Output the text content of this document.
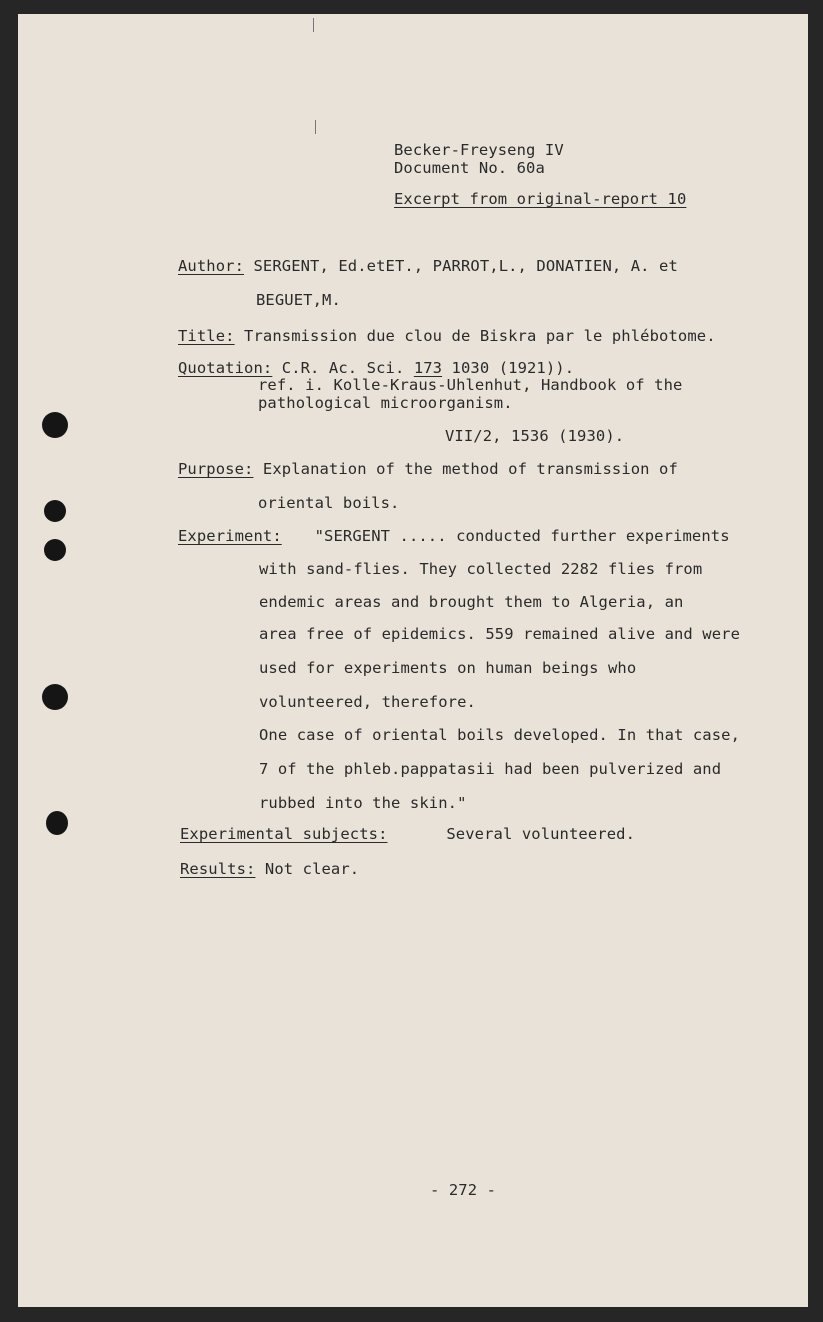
Becker-Freyseng IV
Document No. 60a
Excerpt from original-report 10
Author: SERGENT, Ed.etET., PARROT,L., DONATIEN, A. et
BEGUET,M.
Title: Transmission due clou de Biskra par le phlébotome.
Quotation: C.R. Ac. Sci. 173 1030 (1921)).
ref. i. Kolle-Kraus-Uhlenhut, Handbook of the
pathological microorganism.
VII/2, 1536 (1930).
Purpose: Explanation of the method of transmission of
oriental boils.
Experiment: "SERGENT ..... conducted further experiments
with sand-flies. They collected 2282 flies from
endemic areas and brought them to Algeria, an
area free of epidemics. 559 remained alive and were
used for experiments on human beings who
volunteered, therefore.
One case of oriental boils developed. In that case,
7 of the phleb.pappatasii had been pulverized and
rubbed into the skin."
Experimental subjects:	Several volunteered.
Results: Not clear.
- 272 -
